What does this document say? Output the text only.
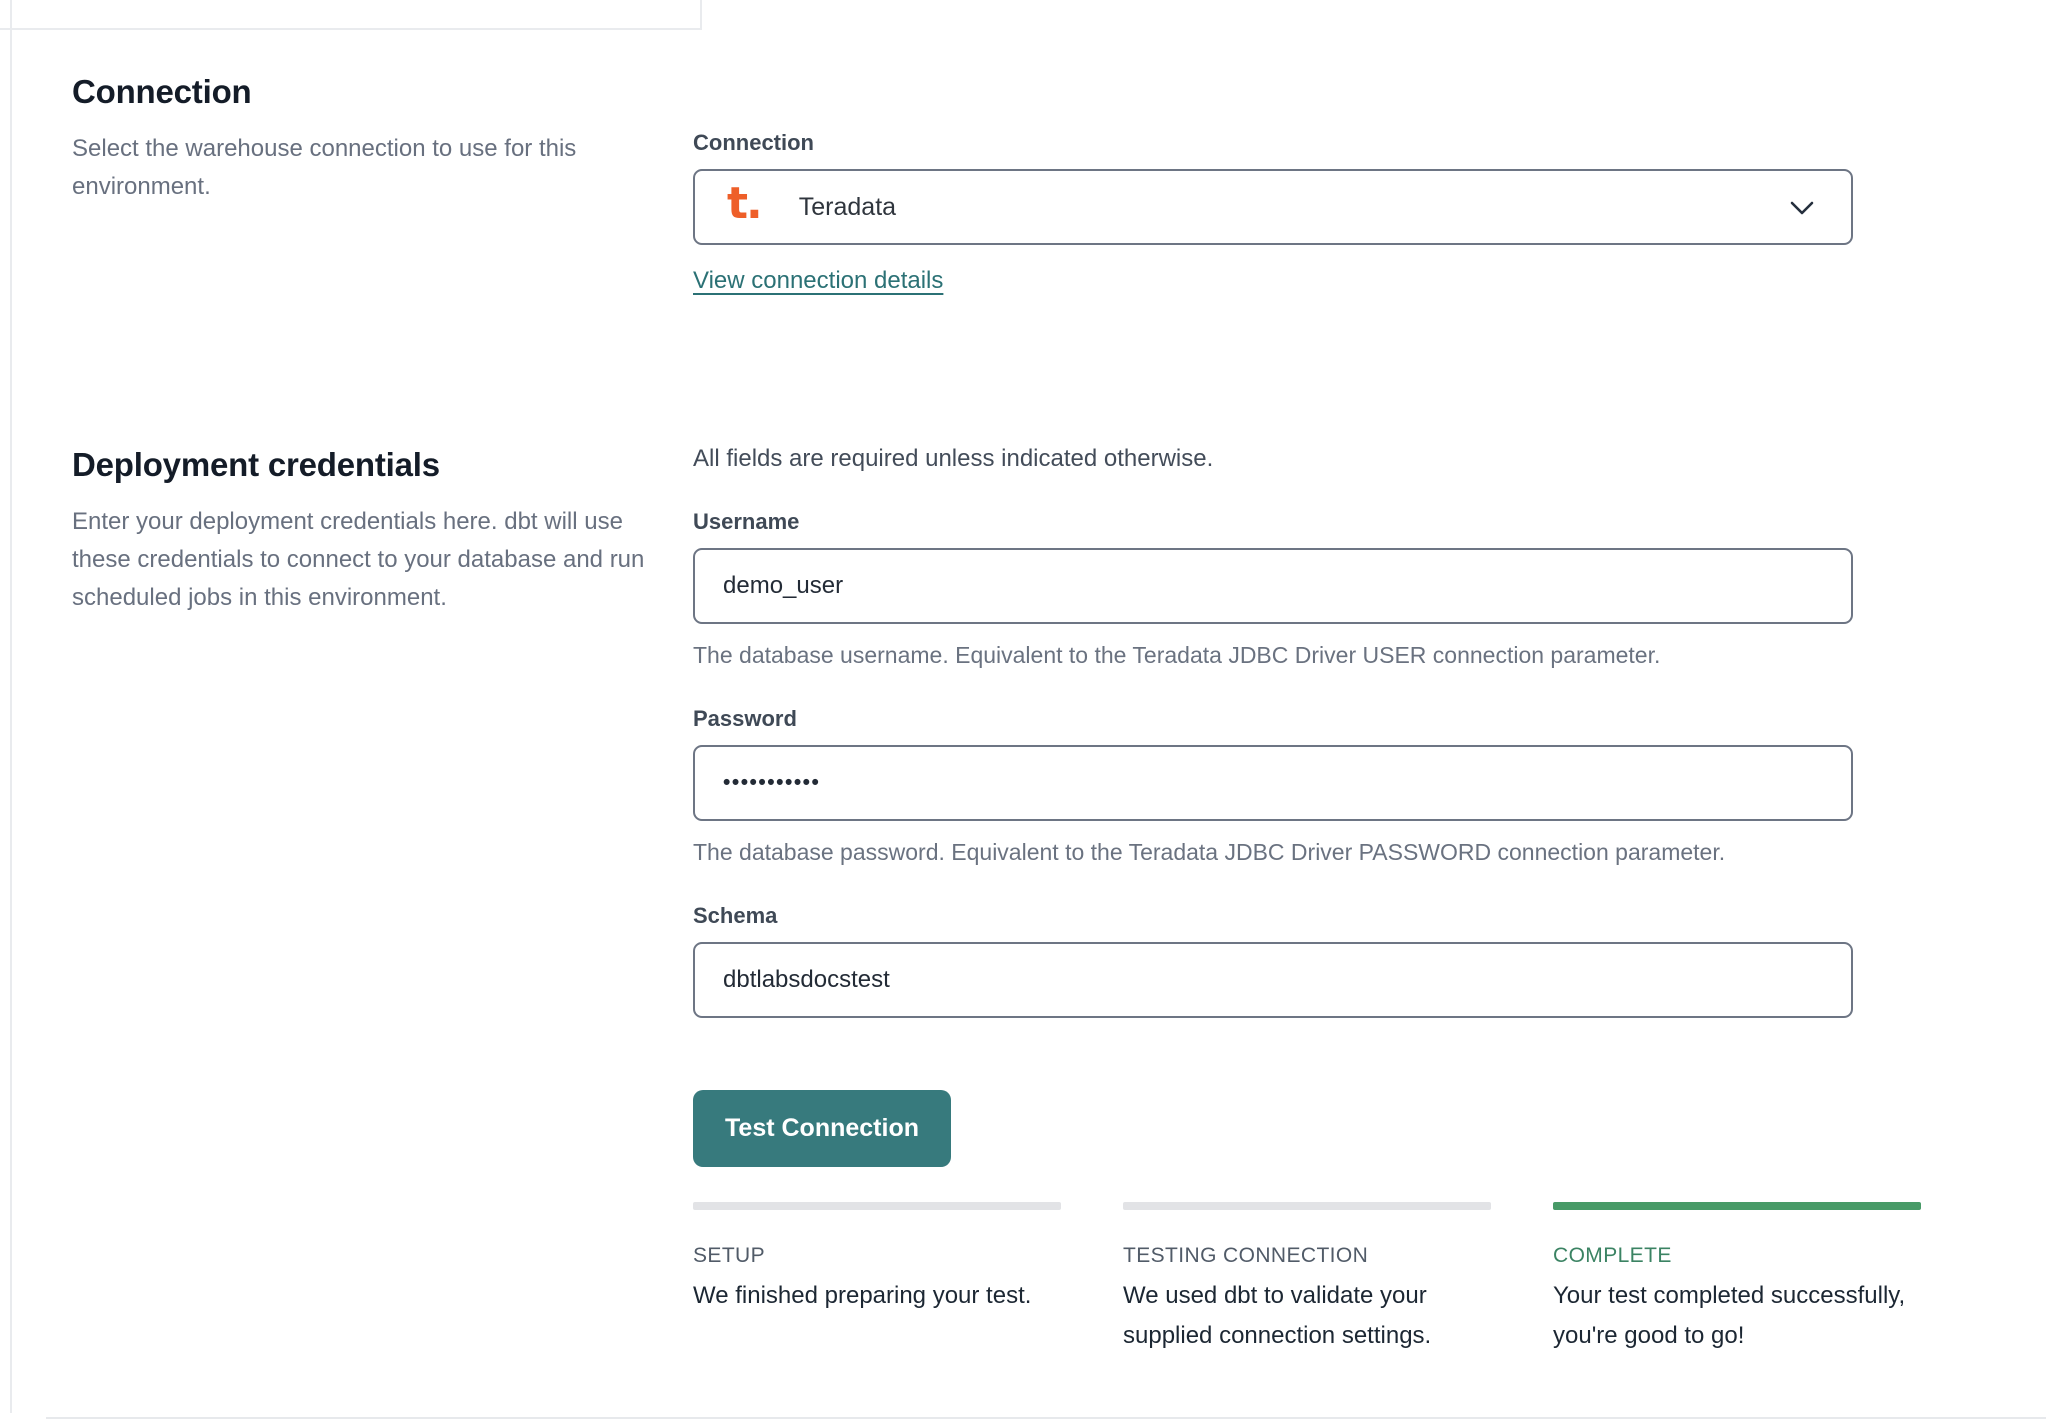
Connection

Select the warehouse connection to use for this environment.

Connection
t. Teradata
View connection details
Deployment credentials

Enter your deployment credentials here. dbt will use these credentials to connect to your database and run scheduled jobs in this environment.

All fields are required unless indicated otherwise.

Username
demo_user

The database username. Equivalent to the Teradata JDBC Driver USER connection parameter.

Password
•••••••••••

The database password. Equivalent to the Teradata JDBC Driver PASSWORD connection parameter.

Schema
dbtlabsdocstest
Test Connection
SETUP
We finished preparing your test.
TESTING CONNECTION
We used dbt to validate your supplied connection settings.
COMPLETE
Your test completed successfully, you're good to go!
